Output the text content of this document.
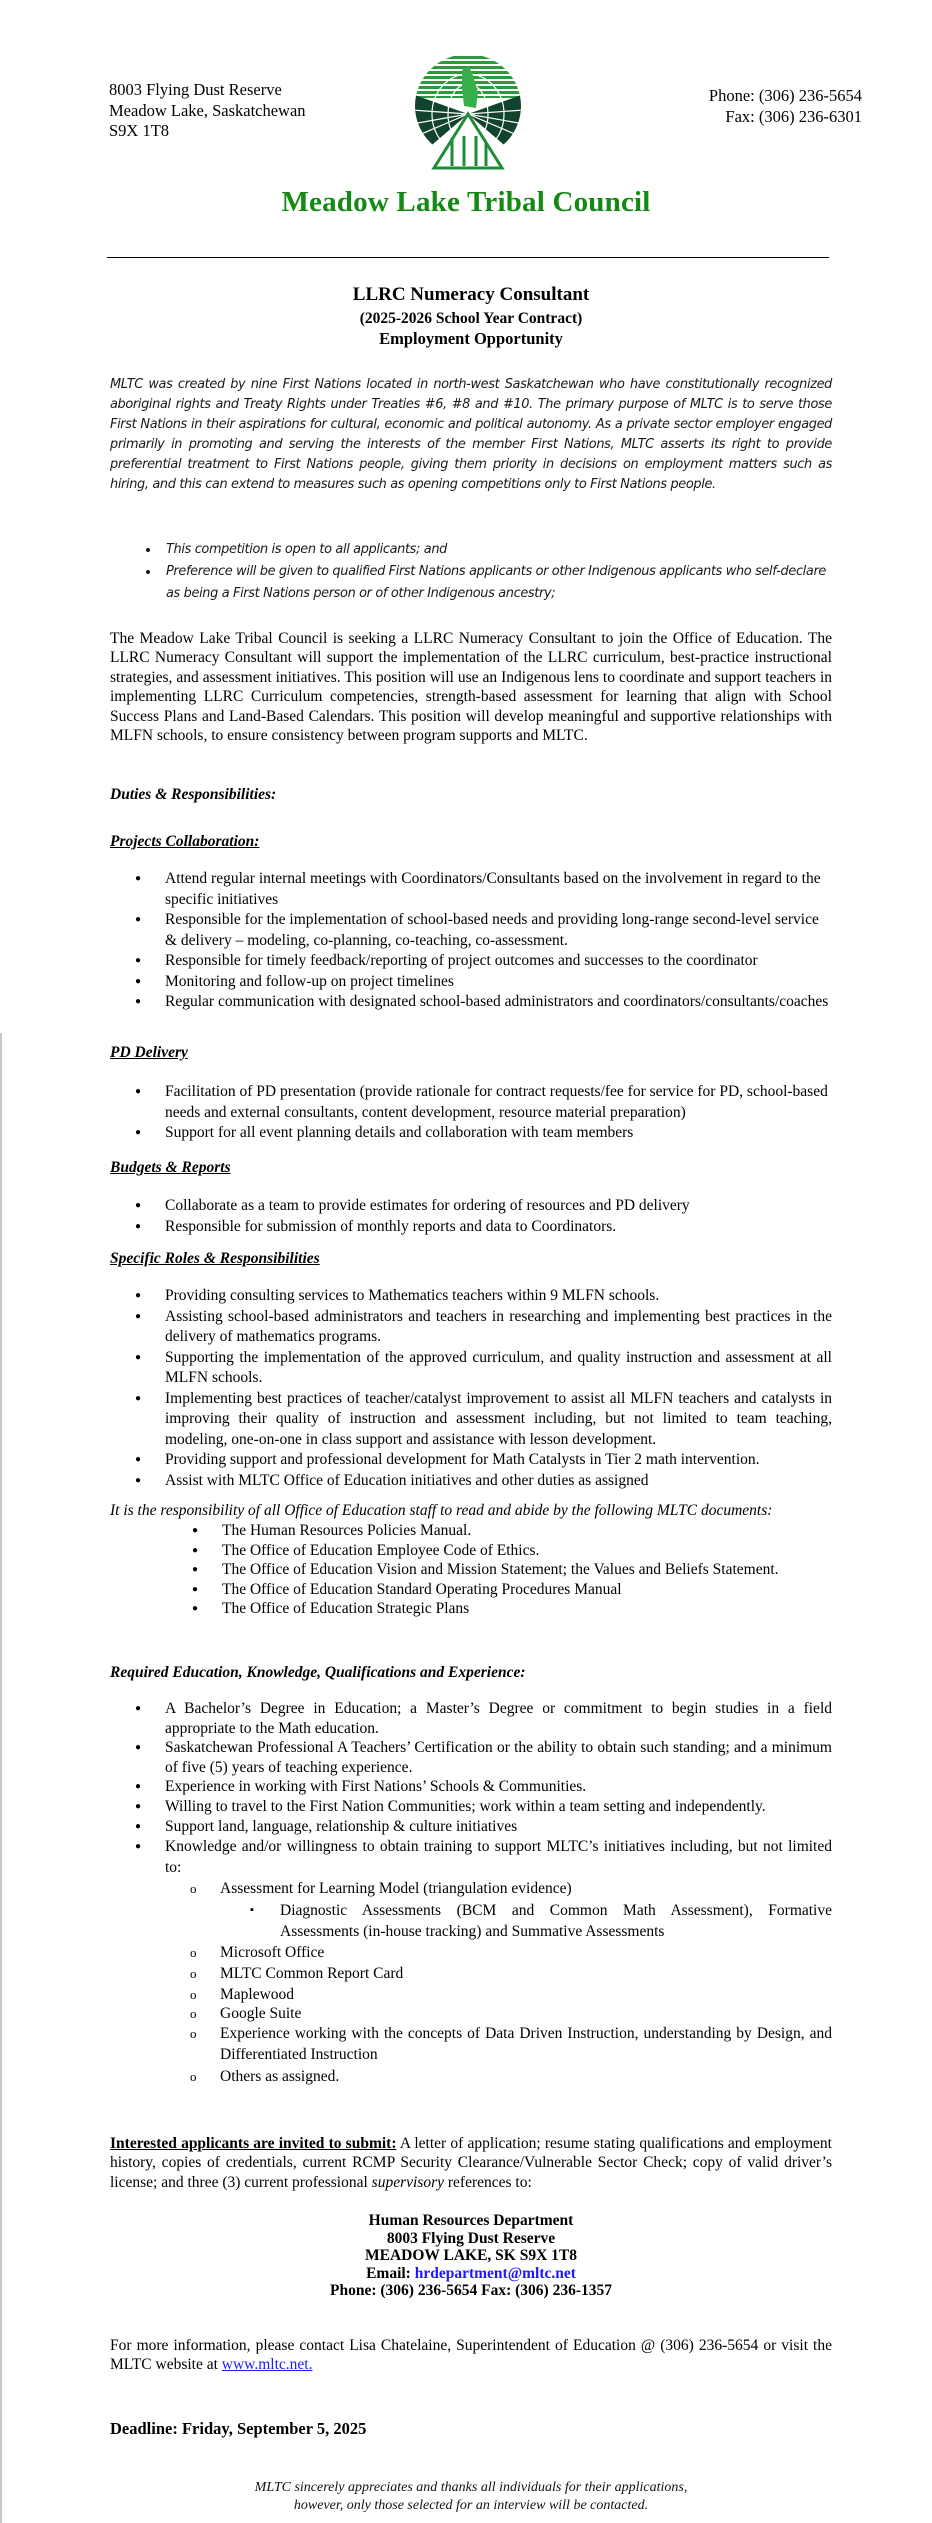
8003 Flying Dust Reserve
Meadow Lake, Saskatchewan
S9X 1T8
Phone: (306) 236-5654
Fax: (306) 236-6301
Meadow Lake Tribal Council
LLRC Numeracy Consultant
(2025-2026 School Year Contract)
Employment Opportunity
MLTC was created by nine First Nations located in north-west Saskatchewan who have constitutionally recognized aboriginal rights and Treaty Rights under Treaties #6, #8 and #10. The primary purpose of MLTC is to serve those First Nations in their aspirations for cultural, economic and political autonomy. As a private sector employer engaged primarily in promoting and serving the interests of the member First Nations, MLTC asserts its right to provide preferential treatment to First Nations people, giving them priority in decisions on employment matters such as hiring, and this can extend to measures such as opening competitions only to First Nations people.
• This competition is open to all applicants; and
• Preference will be given to qualified First Nations applicants or other Indigenous applicants who self-declare as being a First Nations person or of other Indigenous ancestry;
The Meadow Lake Tribal Council is seeking a LLRC Numeracy Consultant to join the Office of Education. The LLRC Numeracy Consultant will support the implementation of the LLRC curriculum, best-practice instructional strategies, and assessment initiatives. This position will use an Indigenous lens to coordinate and support teachers in implementing LLRC Curriculum competencies, strength-based assessment for learning that align with School Success Plans and Land-Based Calendars. This position will develop meaningful and supportive relationships with MLFN schools, to ensure consistency between program supports and MLTC.
Duties & Responsibilities:
Projects Collaboration:
● Attend regular internal meetings with Coordinators/Consultants based on the involvement in regard to the specific initiatives
● Responsible for the implementation of school-based needs and providing long-range second-level service & delivery – modeling, co-planning, co-teaching, co-assessment.
● Responsible for timely feedback/reporting of project outcomes and successes to the coordinator
● Monitoring and follow-up on project timelines
● Regular communication with designated school-based administrators and coordinators/consultants/coaches
PD Delivery
● Facilitation of PD presentation (provide rationale for contract requests/fee for service for PD, school-based needs and external consultants, content development, resource material preparation)
● Support for all event planning details and collaboration with team members
Budgets & Reports
● Collaborate as a team to provide estimates for ordering of resources and PD delivery
● Responsible for submission of monthly reports and data to Coordinators.
Specific Roles & Responsibilities
● Providing consulting services to Mathematics teachers within 9 MLFN schools.
● Assisting school-based administrators and teachers in researching and implementing best practices in the delivery of mathematics programs.
● Supporting the implementation of the approved curriculum, and quality instruction and assessment at all MLFN schools.
● Implementing best practices of teacher/catalyst improvement to assist all MLFN teachers and catalysts in improving their quality of instruction and assessment including, but not limited to team teaching, modeling, one-on-one in class support and assistance with lesson development.
● Providing support and professional development for Math Catalysts in Tier 2 math intervention.
● Assist with MLTC Office of Education initiatives and other duties as assigned
It is the responsibility of all Office of Education staff to read and abide by the following MLTC documents:
● The Human Resources Policies Manual.
● The Office of Education Employee Code of Ethics.
● The Office of Education Vision and Mission Statement; the Values and Beliefs Statement.
● The Office of Education Standard Operating Procedures Manual
● The Office of Education Strategic Plans
Required Education, Knowledge, Qualifications and Experience:
● A Bachelor’s Degree in Education; a Master’s Degree or commitment to begin studies in a field appropriate to the Math education.
● Saskatchewan Professional A Teachers’ Certification or the ability to obtain such standing; and a minimum of five (5) years of teaching experience.
● Experience in working with First Nations’ Schools & Communities.
● Willing to travel to the First Nation Communities; work within a team setting and independently.
● Support land, language, relationship & culture initiatives
● Knowledge and/or willingness to obtain training to support MLTC’s initiatives including, but not limited to:
o Assessment for Learning Model (triangulation evidence)
▪ Diagnostic Assessments (BCM and Common Math Assessment), Formative Assessments (in-house tracking) and Summative Assessments
o Microsoft Office
o MLTC Common Report Card
o Maplewood
o Google Suite
o Experience working with the concepts of Data Driven Instruction, understanding by Design, and Differentiated Instruction
o Others as assigned.
Interested applicants are invited to submit: A letter of application; resume stating qualifications and employment history, copies of credentials, current RCMP Security Clearance/Vulnerable Sector Check; copy of valid driver’s license; and three (3) current professional supervisory references to:
Human Resources Department
8003 Flying Dust Reserve
MEADOW LAKE, SK S9X 1T8
Email: hrdepartment@mltc.net
Phone: (306) 236-5654 Fax: (306) 236-1357
For more information, please contact Lisa Chatelaine, Superintendent of Education @ (306) 236-5654 or visit the MLTC website at www.mltc.net.
Deadline: Friday, September 5, 2025
MLTC sincerely appreciates and thanks all individuals for their applications,
however, only those selected for an interview will be contacted.
